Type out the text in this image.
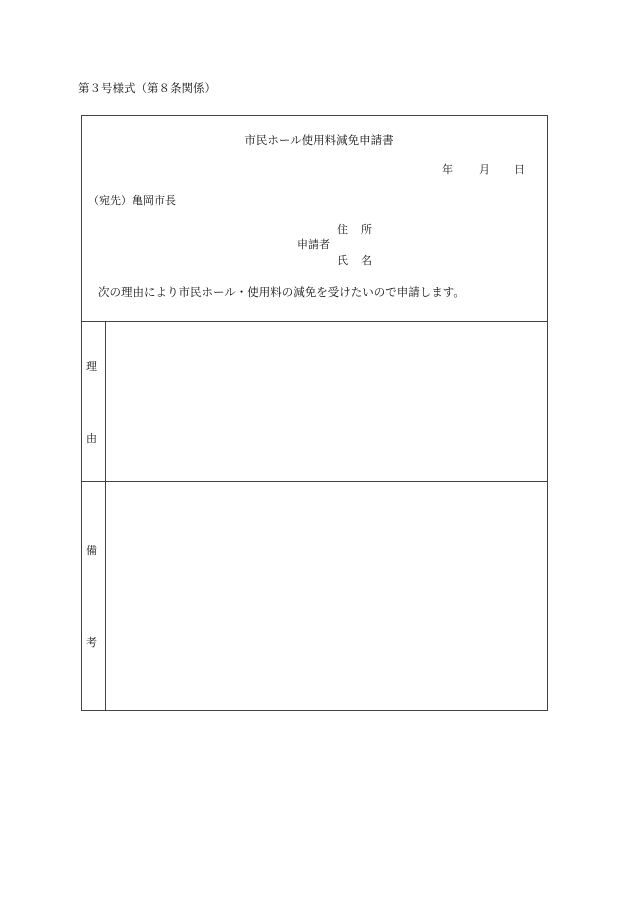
第３号様式（第８条関係）
市民ホール使用料減免申請書
年 月 日
（宛先）亀岡市長
住　所
申請者
氏　名
次の理由により市民ホール・使用料の減免を受けたいので申請します。
理
由
備
考
